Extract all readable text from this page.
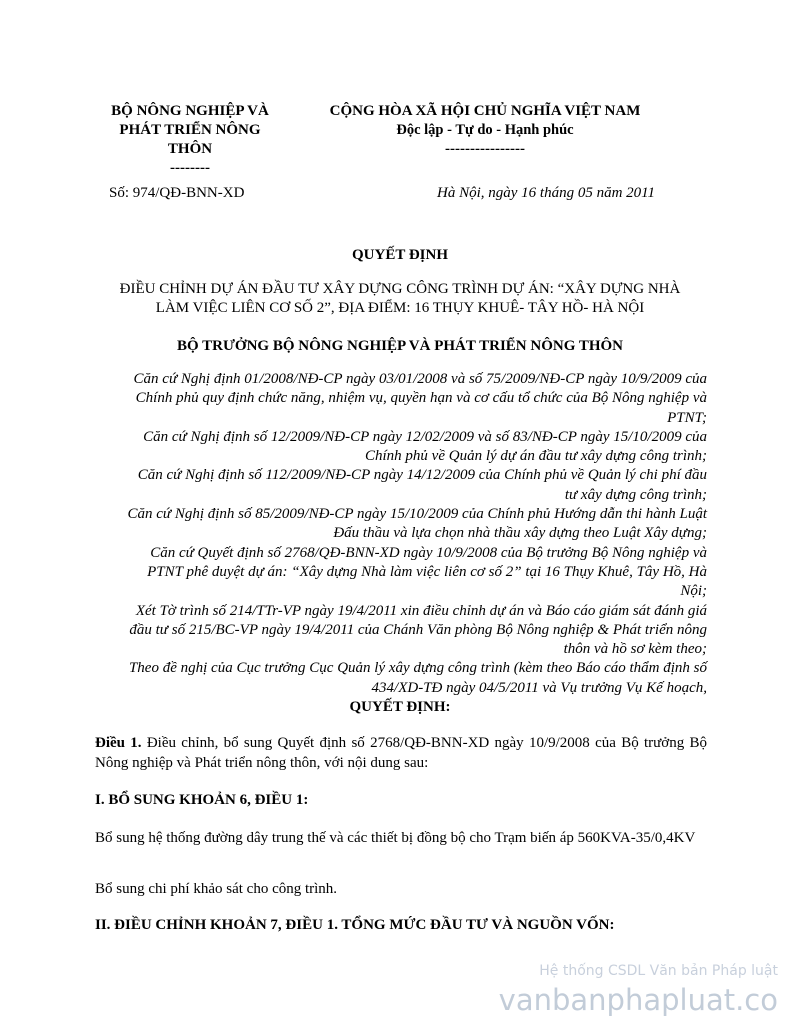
BỘ NÔNG NGHIỆP VÀ
PHÁT TRIỂN NÔNG
THÔN
--------
CỘNG HÒA XÃ HỘI CHỦ NGHĨA VIỆT NAM
Độc lập - Tự do - Hạnh phúc
----------------
Số: 974/QĐ-BNN-XD	Hà Nội, ngày 16 tháng 05 năm 2011
QUYẾT ĐỊNH
ĐIỀU CHỈNH DỰ ÁN ĐẦU TƯ XÂY DỰNG CÔNG TRÌNH DỰ ÁN: “XÂY DỰNG NHÀ
LÀM VIỆC LIÊN CƠ SỐ 2”, ĐỊA ĐIỂM: 16 THỤY KHUÊ- TÂY HỒ- HÀ NỘI
BỘ TRƯỞNG BỘ NÔNG NGHIỆP VÀ PHÁT TRIỂN NÔNG THÔN

Căn cứ Nghị định 01/2008/NĐ-CP ngày 03/01/2008 và số 75/2009/NĐ-CP ngày 10/9/2009 của
Chính phủ quy định chức năng, nhiệm vụ, quyền hạn và cơ cấu tổ chức của Bộ Nông nghiệp và
PTNT;

Căn cứ Nghị định số 12/2009/NĐ-CP ngày 12/02/2009 và số 83/NĐ-CP ngày 15/10/2009 của
Chính phủ về Quản lý dự án đầu tư xây dựng công trình;

Căn cứ Nghị định số 112/2009/NĐ-CP ngày 14/12/2009 của Chính phủ về Quản lý chi phí đầu
tư xây dựng công trình;

Căn cứ Nghị định số 85/2009/NĐ-CP ngày 15/10/2009 của Chính phủ Hướng dẫn thi hành Luật
Đấu thầu và lựa chọn nhà thầu xây dựng theo Luật Xây dựng;

Căn cứ Quyết định số 2768/QĐ-BNN-XD ngày 10/9/2008 của Bộ trưởng Bộ Nông nghiệp và
PTNT phê duyệt dự án: “Xây dựng Nhà làm việc liên cơ số 2” tại 16 Thụy Khuê, Tây Hồ, Hà
Nội;

Xét Tờ trình số 214/TTr-VP ngày 19/4/2011 xin điều chỉnh dự án và Báo cáo giám sát đánh giá
đầu tư số 215/BC-VP ngày 19/4/2011 của Chánh Văn phòng Bộ Nông nghiệp & Phát triển nông
thôn và hồ sơ kèm theo;

Theo đề nghị của Cục trưởng Cục Quản lý xây dựng công trình (kèm theo Báo cáo thẩm định số
434/XD-TĐ ngày 04/5/2011 và Vụ trưởng Vụ Kế hoạch,

QUYẾT ĐỊNH:
Điều 1. Điều chỉnh, bổ sung Quyết định số 2768/QĐ-BNN-XD ngày 10/9/2008 của Bộ trưởng Bộ Nông nghiệp và Phát triển nông thôn, với nội dung sau:
I. BỔ SUNG KHOẢN 6, ĐIỀU 1:
Bổ sung hệ thống đường dây trung thế và các thiết bị đồng bộ cho Trạm biến áp 560KVA-35/0,4KV
Bổ sung chi phí khảo sát cho công trình.
II. ĐIỀU CHỈNH KHOẢN 7, ĐIỀU 1. TỔNG MỨC ĐẦU TƯ VÀ NGUỒN VỐN:
Hệ thống CSDL Văn bản Pháp luật
vanbanphapluat.co
